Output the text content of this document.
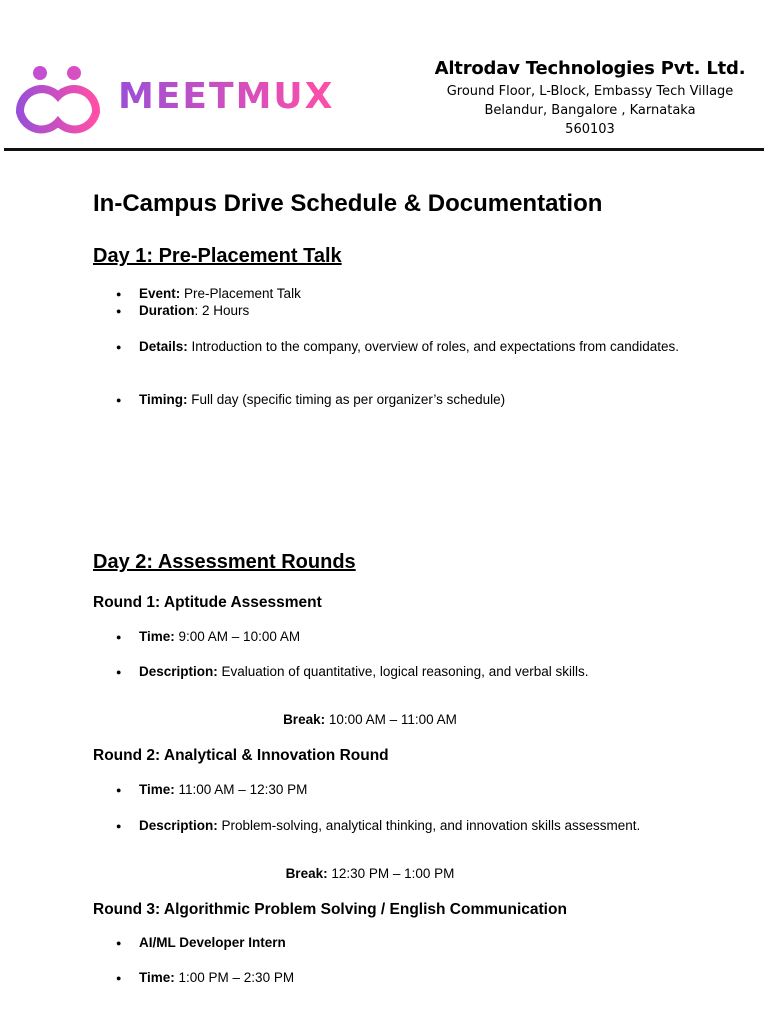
MEETMUX
Altrodav Technologies Pvt. Ltd.
Ground Floor, L-Block, Embassy Tech Village
Belandur, Bangalore , Karnataka
560103
In-Campus Drive Schedule & Documentation
Day 1: Pre-Placement Talk
● Event: Pre-Placement Talk
● Duration: 2 Hours
● Details: Introduction to the company, overview of roles, and expectations from candidates.
● Timing: Full day (specific timing as per organizer’s schedule)
Day 2: Assessment Rounds
Round 1: Aptitude Assessment
● Time: 9:00 AM – 10:00 AM
● Description: Evaluation of quantitative, logical reasoning, and verbal skills.
Break: 10:00 AM – 11:00 AM
Round 2: Analytical & Innovation Round
● Time: 11:00 AM – 12:30 PM
● Description: Problem-solving, analytical thinking, and innovation skills assessment.
Break: 12:30 PM – 1:00 PM
Round 3: Algorithmic Problem Solving / English Communication
● AI/ML Developer Intern
● Time: 1:00 PM – 2:30 PM
